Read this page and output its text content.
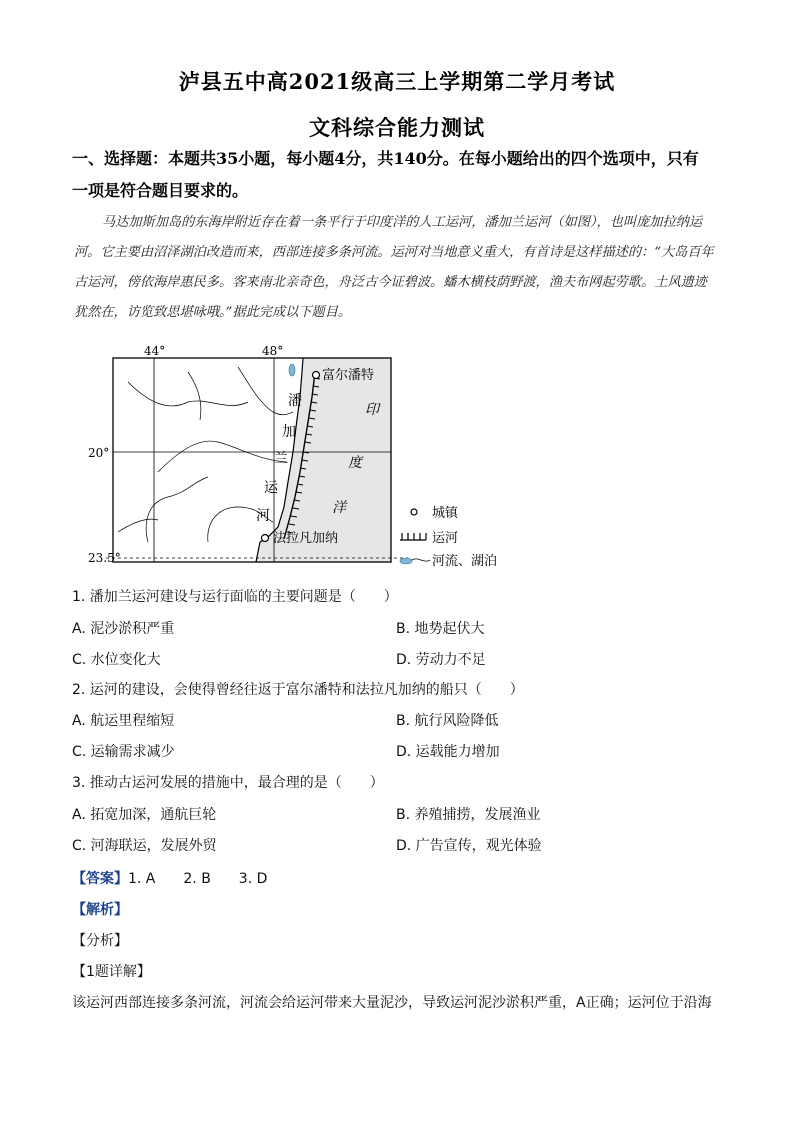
泸县五中高2021级高三上学期第二学月考试
文科综合能力测试
一、选择题：本题共35小题，每小题4分，共140分。在每小题给出的四个选项中，只有
一项是符合题目要求的。
马达加斯加岛的东海岸附近存在着一条平行于印度洋的人工运河，潘加兰运河（如图），也叫庞加拉纳运河。它主要由沼泽湖泊改造而来，西部连接多条河流。运河对当地意义重大，有首诗是这样描述的：“大岛百年古运河，傍依海岸惠民多。客来南北亲奇色，舟泛古今证碧波。蟠木横枝荫野渡，渔夫布网起劳歌。土风遗迹犹然在，访览致思堪咏哦。”据此完成以下题目。
44°	48°
20°
23.5°
富尔潘特
法拉凡加纳
潘
加
兰
运
河
印
度
洋	城镇
运河
河流、湖泊
1. 潘加兰运河建设与运行面临的主要问题是（　　）
A. 泥沙淤积严重	B. 地势起伏大
C. 水位变化大	D. 劳动力不足
2. 运河的建设，会使得曾经往返于富尔潘特和法拉凡加纳的船只（　　）
A. 航运里程缩短	B. 航行风险降低
C. 运输需求减少	D. 运载能力增加
3. 推动古运河发展的措施中，最合理的是（　　）
A. 拓宽加深，通航巨轮	B. 养殖捕捞，发展渔业
C. 河海联运，发展外贸	D. 广告宣传，观光体验
【答案】1. A　　2. B　　3. D
【解析】
【分析】
【1题详解】
该运河西部连接多条河流，河流会给运河带来大量泥沙，导致运河泥沙淤积严重，A正确；运河位于沿海
